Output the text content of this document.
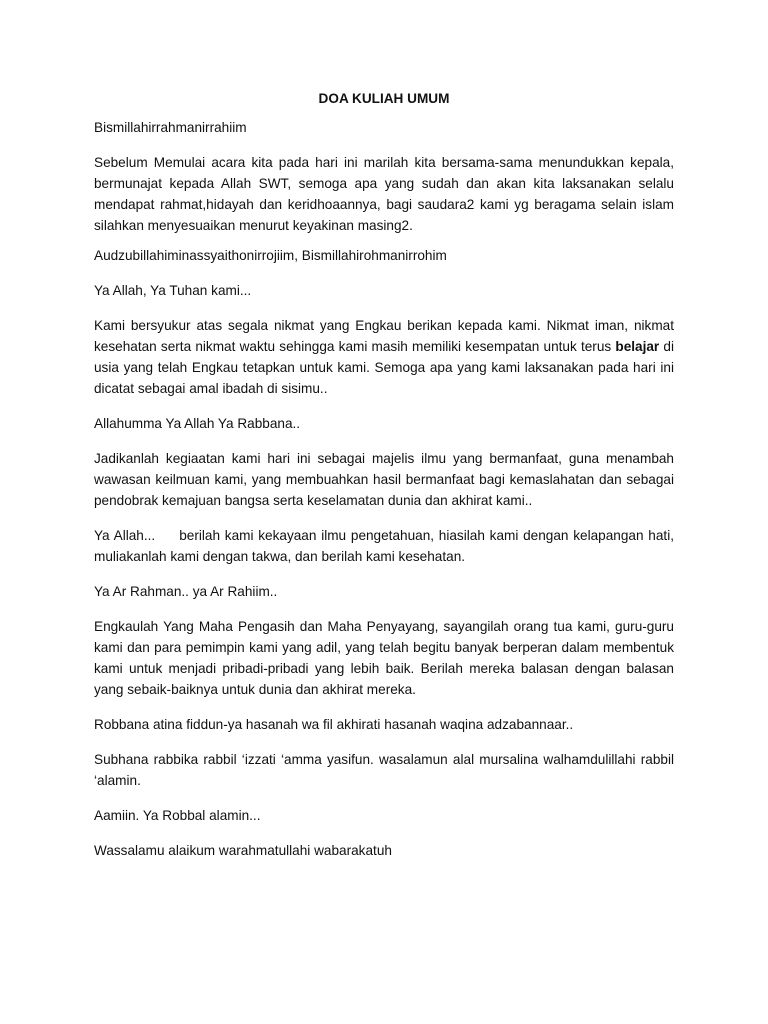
DOA KULIAH UMUM

Bismillahirrahmanirrahiim

Sebelum Memulai acara kita pada hari ini marilah kita bersama-sama menundukkan kepala, bermunajat kepada Allah SWT, semoga apa yang sudah dan akan kita laksanakan selalu mendapat rahmat,hidayah dan keridhoaannya, bagi saudara2 kami yg beragama selain islam silahkan menyesuaikan menurut keyakinan masing2.

Audzubillahiminassyaithonirrojiim, Bismillahirohmanirrohim

Ya Allah, Ya Tuhan kami...

Kami bersyukur atas segala nikmat yang Engkau berikan kepada kami. Nikmat iman, nikmat kesehatan serta nikmat waktu sehingga kami masih memiliki kesempatan untuk terus belajar di usia yang telah Engkau tetapkan untuk kami. Semoga apa yang kami laksanakan pada hari ini dicatat sebagai amal ibadah di sisimu..

Allahumma Ya Allah Ya Rabbana..

Jadikanlah kegiaatan kami hari ini sebagai majelis ilmu yang bermanfaat, guna menambah wawasan keilmuan kami, yang membuahkan hasil bermanfaat bagi kemaslahatan dan sebagai pendobrak kemajuan bangsa serta keselamatan dunia dan akhirat kami..

Ya Allah... berilah kami kekayaan ilmu pengetahuan, hiasilah kami dengan kelapangan hati, muliakanlah kami dengan takwa, dan berilah kami kesehatan.

Ya Ar Rahman.. ya Ar Rahiim..

Engkaulah Yang Maha Pengasih dan Maha Penyayang, sayangilah orang tua kami, guru-guru kami dan para pemimpin kami yang adil, yang telah begitu banyak berperan dalam membentuk kami untuk menjadi pribadi-pribadi yang lebih baik. Berilah mereka balasan dengan balasan yang sebaik-baiknya untuk dunia dan akhirat mereka.

Robbana atina fiddun-ya hasanah wa fil akhirati hasanah waqina adzabannaar..

Subhana rabbika rabbil ‘izzati ‘amma yasifun. wasalamun alal mursalina walhamdulillahi rabbil ‘alamin.

Aamiin. Ya Robbal alamin...

Wassalamu alaikum warahmatullahi wabarakatuh
